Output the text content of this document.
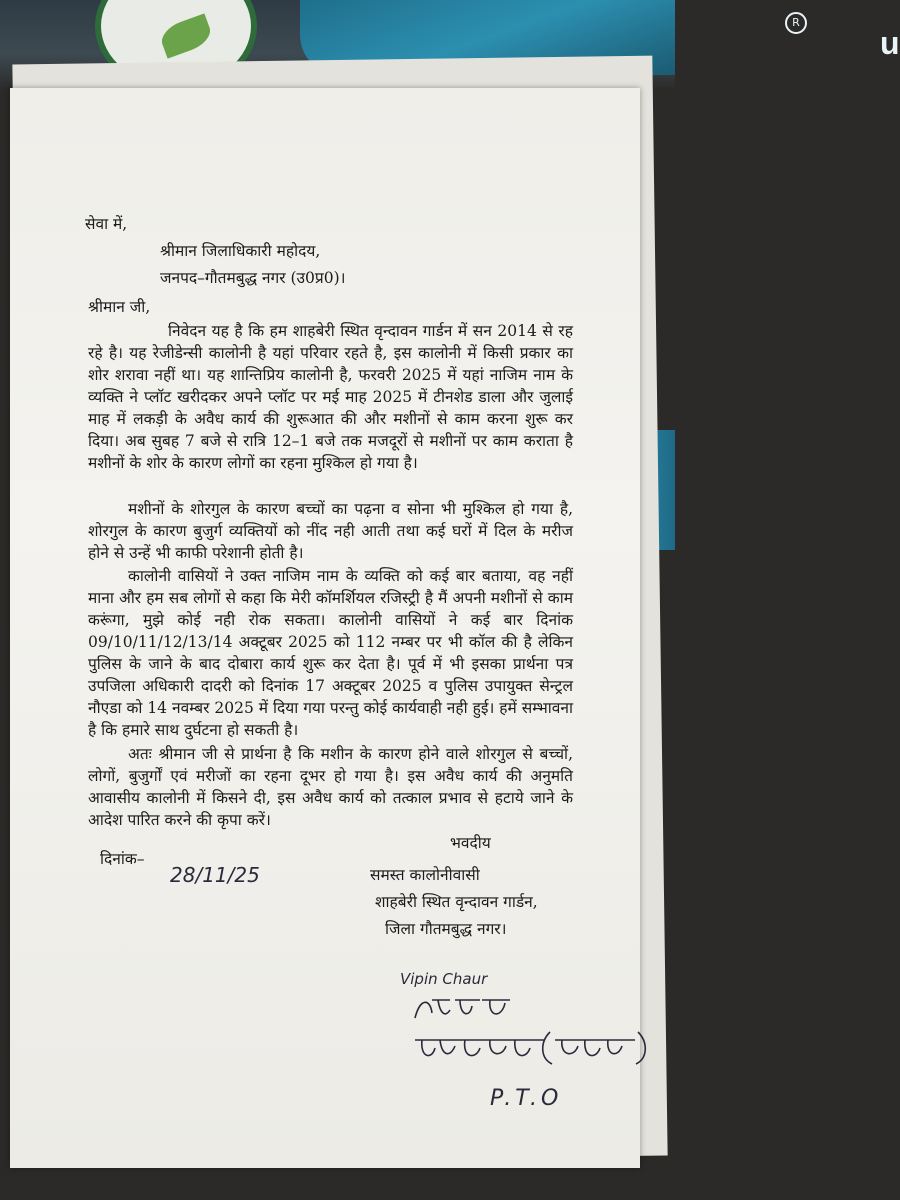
R
u
सेवा में,
श्रीमान जिलाधिकारी महोदय,
जनपद–गौतमबुद्ध नगर (उ0प्र0)।
श्रीमान जी,
निवेदन यह है कि हम शाहबेरी स्थित वृन्दावन गार्डन में सन 2014 से रह रहे है। यह रेजीडेन्सी कालोनी है यहां परिवार रहते है, इस कालोनी में किसी प्रकार का शोर शरावा नहीं था। यह शान्तिप्रिय कालोनी है, फरवरी 2025 में यहां नाजिम नाम के व्यक्ति ने प्लॉट खरीदकर अपने प्लॉट पर मई माह 2025 में टीनशेड डाला और जुलाई माह में लकड़ी के अवैध कार्य की शुरूआत की और मशीनों से काम करना शुरू कर दिया। अब सुबह 7 बजे से रात्रि 12–1 बजे तक मजदूरों से मशीनों पर काम कराता है मशीनों के शोर के कारण लोगों का रहना मुश्किल हो गया है।
मशीनों के शोरगुल के कारण बच्चों का पढ़ना व सोना भी मुश्किल हो गया है, शोरगुल के कारण बुजुर्ग व्यक्तियों को नींद नही आती तथा कई घरों में दिल के मरीज होने से उन्हें भी काफी परेशानी होती है।
कालोनी वासियों ने उक्त नाजिम नाम के व्यक्ति को कई बार बताया, वह नहीं माना और हम सब लोगों से कहा कि मेरी कॉमर्शियल रजिस्ट्री है मैं अपनी मशीनों से काम करूंगा, मुझे कोई नही रोक सकता। कालोनी वासियों ने कई बार दिनांक 09/10/11/12/13/14 अक्टूबर 2025 को 112 नम्बर पर भी कॉल की है लेकिन पुलिस के जाने के बाद दोबारा कार्य शुरू कर देता है। पूर्व में भी इसका प्रार्थना पत्र उपजिला अधिकारी दादरी को दिनांक 17 अक्टूबर 2025 व पुलिस उपायुक्त सेन्ट्रल नौएडा को 14 नवम्बर 2025 में दिया गया परन्तु कोई कार्यवाही नही हुई। हमें सम्भावना है कि हमारे साथ दुर्घटना हो सकती है।
अतः श्रीमान जी से प्रार्थना है कि मशीन के कारण होने वाले शोरगुल से बच्चों, लोगों, बुजुर्गों एवं मरीजों का रहना दूभर हो गया है। इस अवैध कार्य की अनुमति आवासीय कालोनी में किसने दी, इस अवैध कार्य को तत्काल प्रभाव से हटाये जाने के आदेश पारित करने की कृपा करें।
भवदीय
दिनांक–
28/11/25	समस्त कालोनीवासी
शाहबेरी स्थित वृन्दावन गार्डन,
जिला गौतमबुद्ध नगर।
Vipin Chaur
P.T.O
